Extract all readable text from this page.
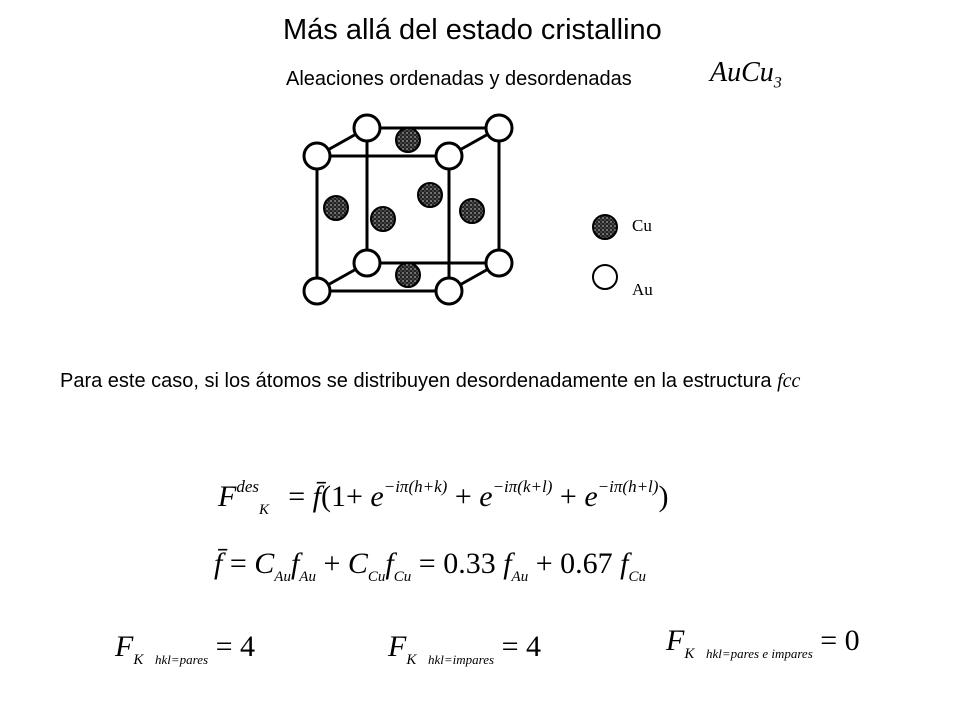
Más allá del estado cristallino
Aleaciones ordenadas y desordenadas	AuCu$_3$
Cu
Au
Para este caso, si los átomos se distribuyen desordenadamente en la estructura fcc
$F^{des}_{K⃗}$ = f̄(1+ $e^{-i\pi(h+k)} + e^{-i\pi(k+l)} + e^{-i\pi(h+l)}$)
f̄ = $C_{Au}f_{Au} + C_{Cu}f_{Cu} = 0.33$ $f_{Au} + 0.67$ $f_{Cu}$
$F_{K⃗hkl=pares} = 4$	$F_{K⃗hkl=impares} = 4$	$F_{K⃗hkl=pares e impares} = 0$
